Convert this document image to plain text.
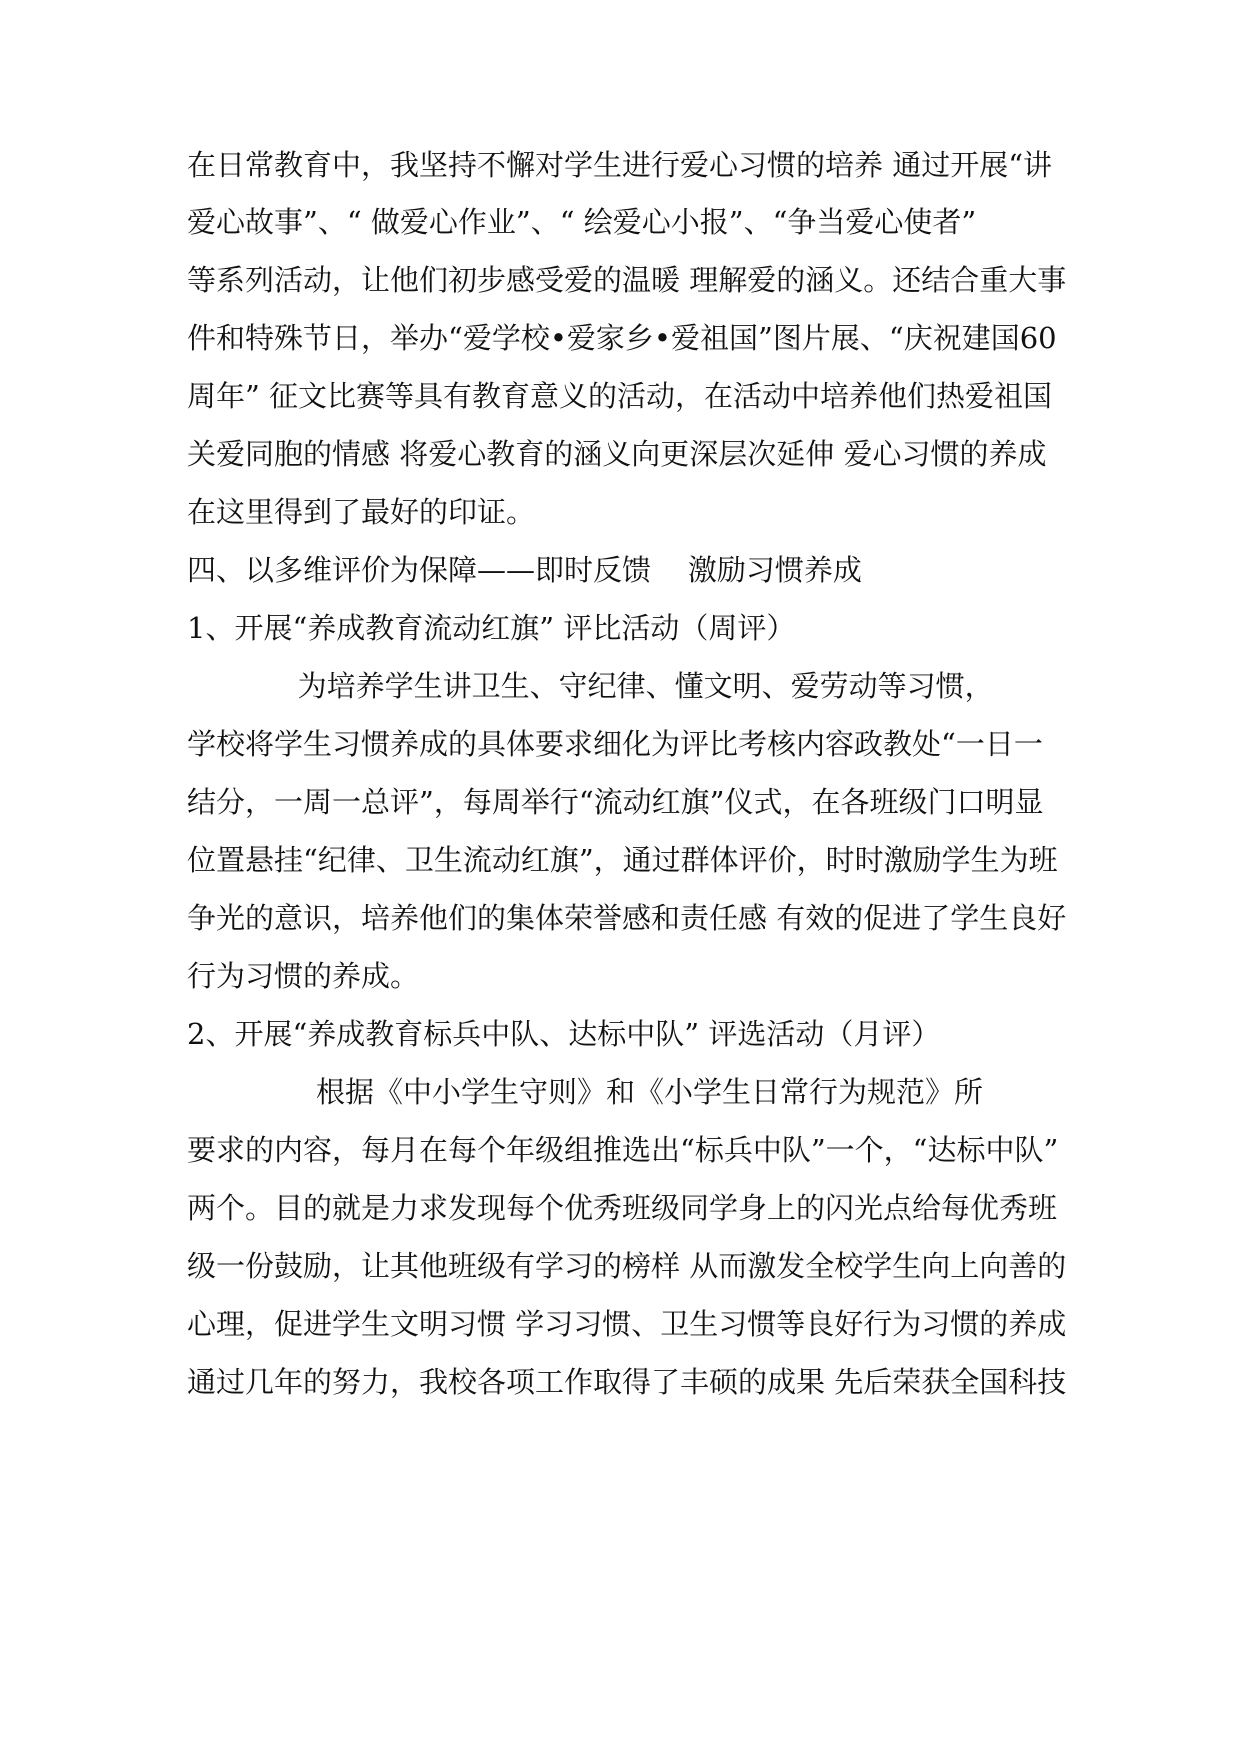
在日常教育中，我坚持不懈对学生进行爱心习惯的培养 通过开展“讲
爱心故事”、“ 做爱心作业”、“ 绘爱心小报”、“争当爱心使者”
等系列活动，让他们初步感受爱的温暖 理解爱的涵义。还结合重大事
件和特殊节日，举办“爱学校•爱家乡•爱祖国”图片展、“庆祝建国60
周年” 征文比赛等具有教育意义的活动，在活动中培养他们热爱祖国
关爱同胞的情感 将爱心教育的涵义向更深层次延伸 爱心习惯的养成
在这里得到了最好的印证。
四、以多维评价为保障——即时反馈    激励习惯养成
1、开展“养成教育流动红旗” 评比活动（周评）
为培养学生讲卫生、守纪律、懂文明、爱劳动等习惯，
学校将学生习惯养成的具体要求细化为评比考核内容政教处“一日一
结分，一周一总评”，每周举行“流动红旗”仪式，在各班级门口明显
位置悬挂“纪律、卫生流动红旗”，通过群体评价，时时激励学生为班
争光的意识，培养他们的集体荣誉感和责任感 有效的促进了学生良好
行为习惯的养成。
2、开展“养成教育标兵中队、达标中队” 评选活动（月评）
根据《中小学生守则》和《小学生日常行为规范》所
要求的内容，每月在每个年级组推选出“标兵中队”一个，“达标中队”
两个。目的就是力求发现每个优秀班级同学身上的闪光点给每优秀班
级一份鼓励，让其他班级有学习的榜样 从而激发全校学生向上向善的
心理，促进学生文明习惯 学习习惯、卫生习惯等良好行为习惯的养成
通过几年的努力，我校各项工作取得了丰硕的成果 先后荣获全国科技
